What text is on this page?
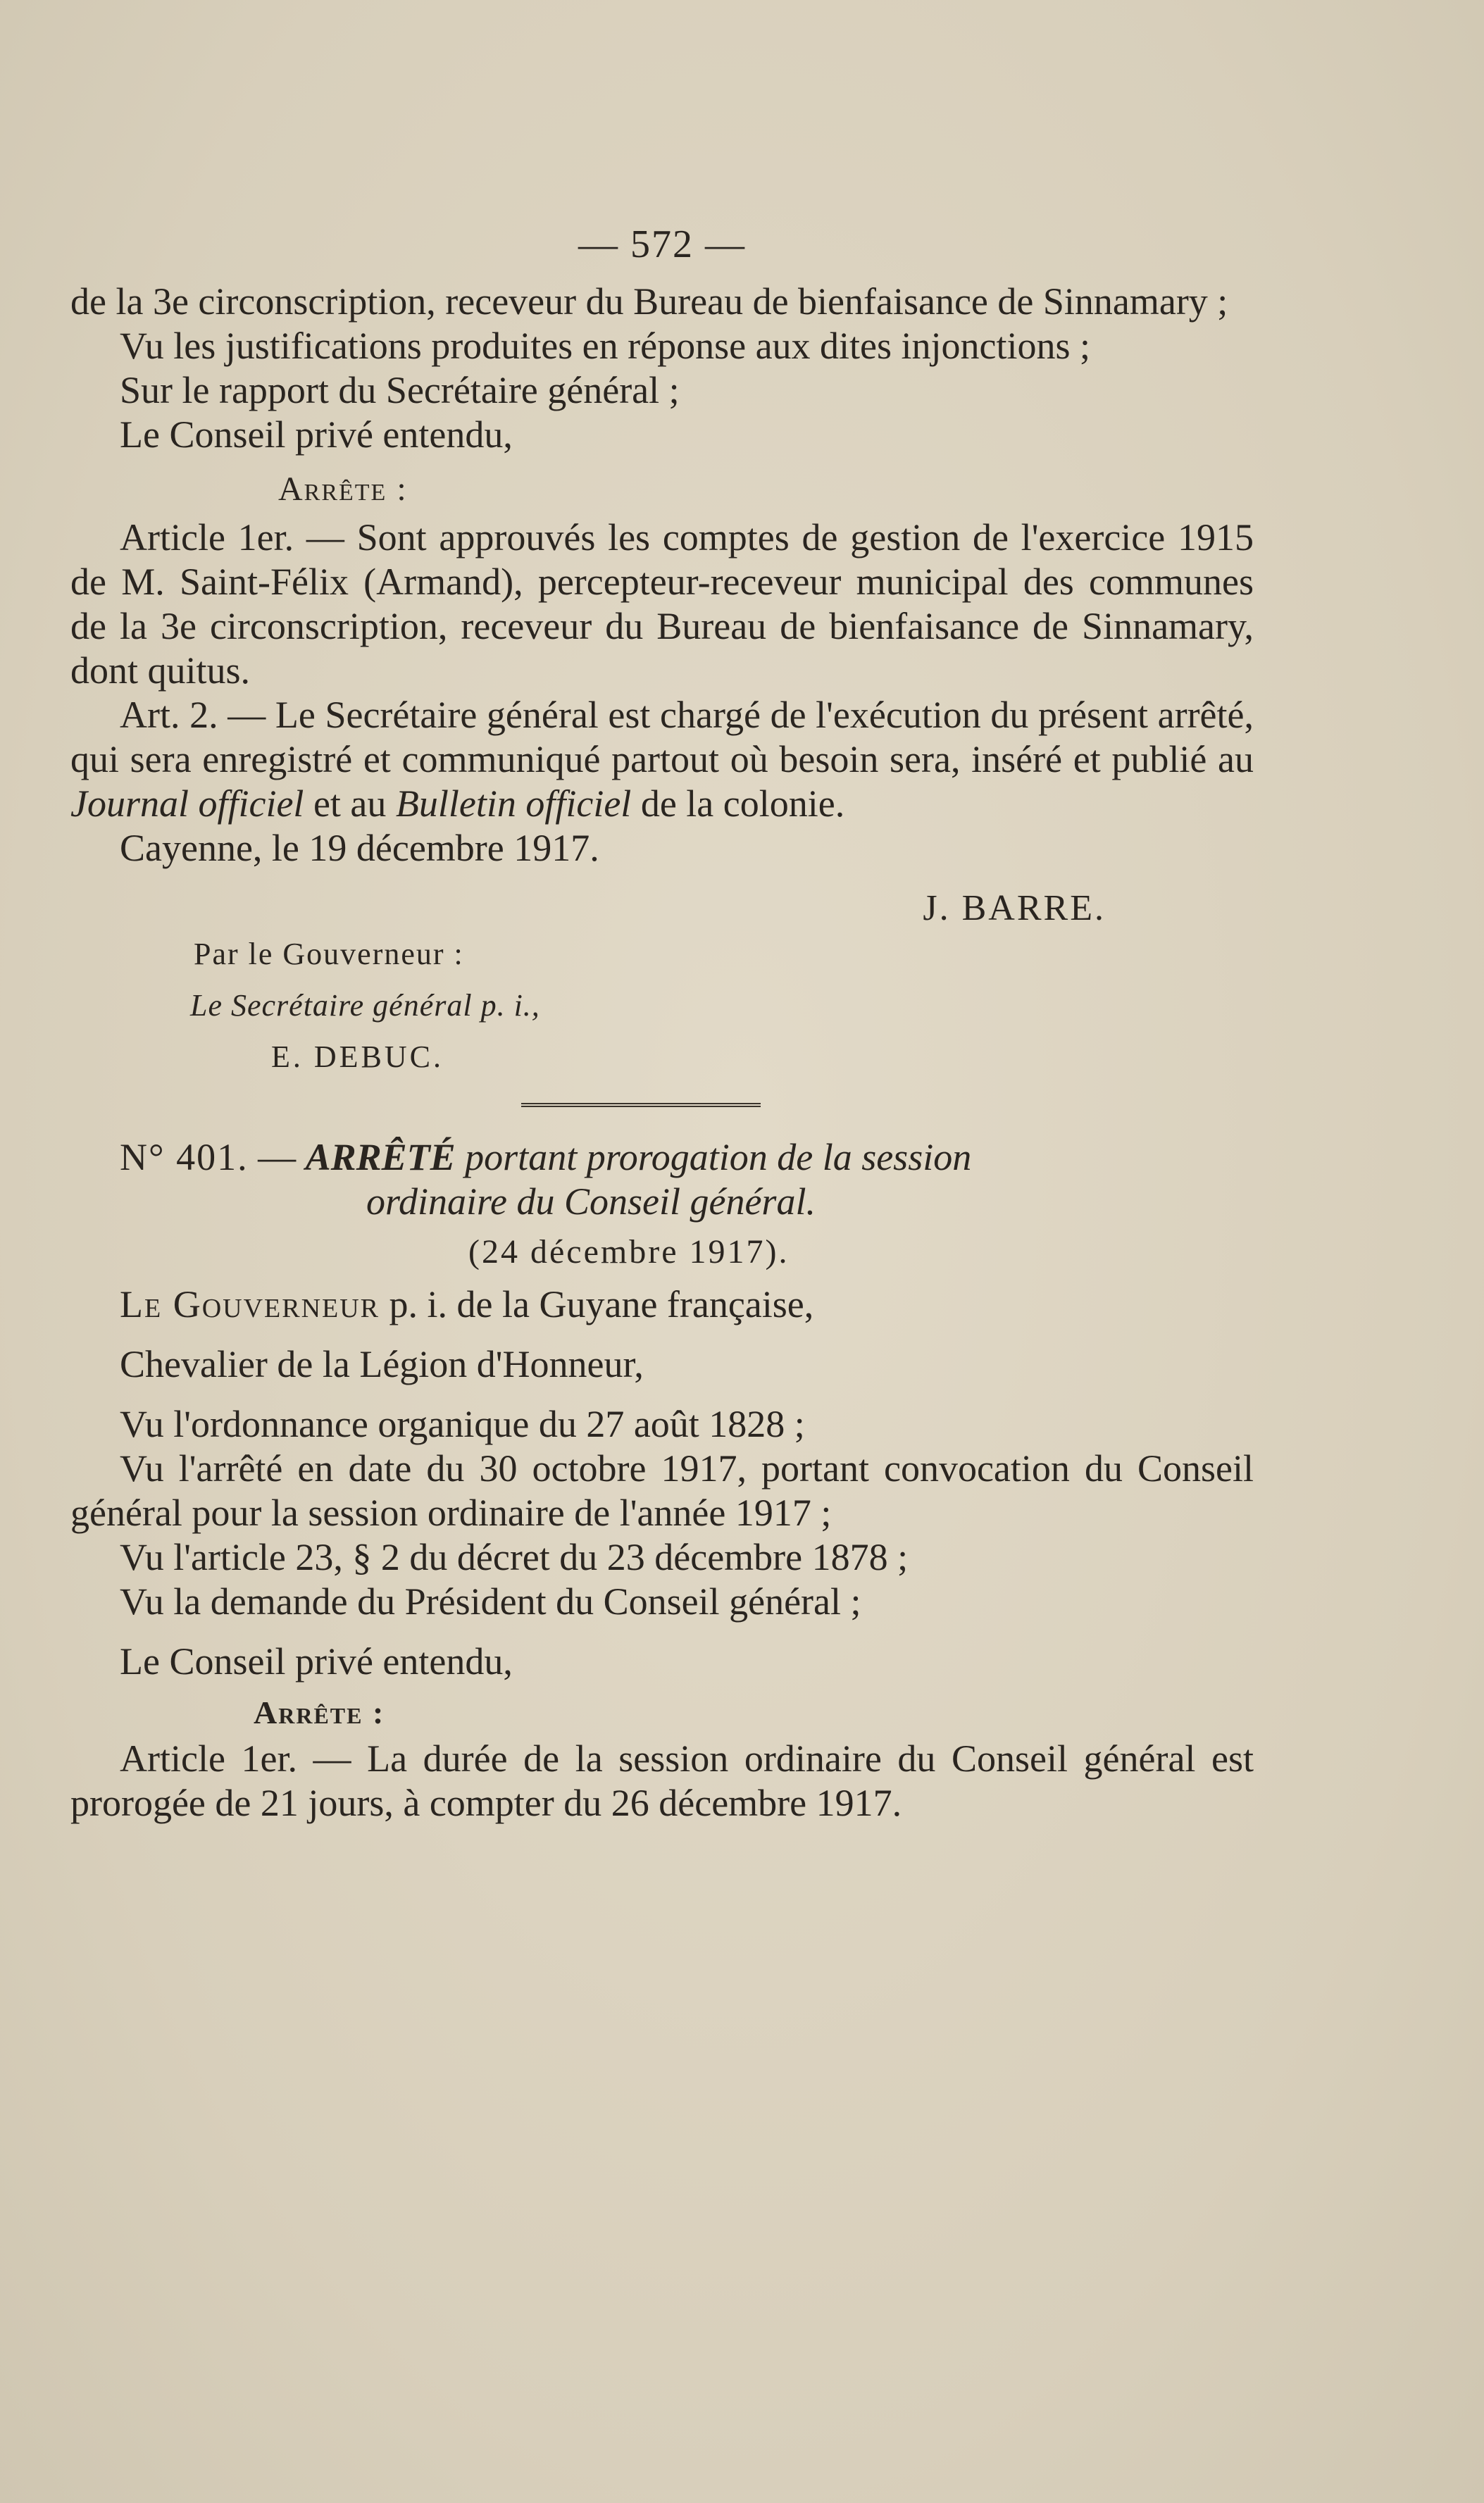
— 572 —

de la 3e circonscription, receveur du Bureau de bienfaisance de Sinnamary ;

Vu les justifications produites en réponse aux dites injonctions ;

Sur le rapport du Secrétaire général ;

Le Conseil privé entendu,

Arrête :

Article 1er. — Sont approuvés les comptes de gestion de l'exercice 1915 de M. Saint-Félix (Armand), percepteur-receveur municipal des communes de la 3e circonscription, receveur du Bureau de bienfaisance de Sinnamary, dont quitus.

Art. 2. — Le Secrétaire général est chargé de l'exécution du présent arrêté, qui sera enregistré et communiqué partout où besoin sera, inséré et publié au Journal officiel et au Bulletin officiel de la colonie.

Cayenne, le 19 décembre 1917.

J. BARRE.
Par le Gouverneur :
Le Secrétaire général p. i.,
E. DEBUC.

N° 401. — ARRÊTÉ portant prorogation de la session

ordinaire du Conseil général.

(24 décembre 1917).

Le Gouverneur p. i. de la Guyane française,

Chevalier de la Légion d'Honneur,

Vu l'ordonnance organique du 27 août 1828 ;

Vu l'arrêté en date du 30 octobre 1917, portant convocation du Conseil général pour la session ordinaire de l'année 1917 ;

Vu l'article 23, § 2 du décret du 23 décembre 1878 ;

Vu la demande du Président du Conseil général ;

Le Conseil privé entendu,

Arrête :

Article 1er. — La durée de la session ordinaire du Conseil général est prorogée de 21 jours, à compter du 26 décembre 1917.
